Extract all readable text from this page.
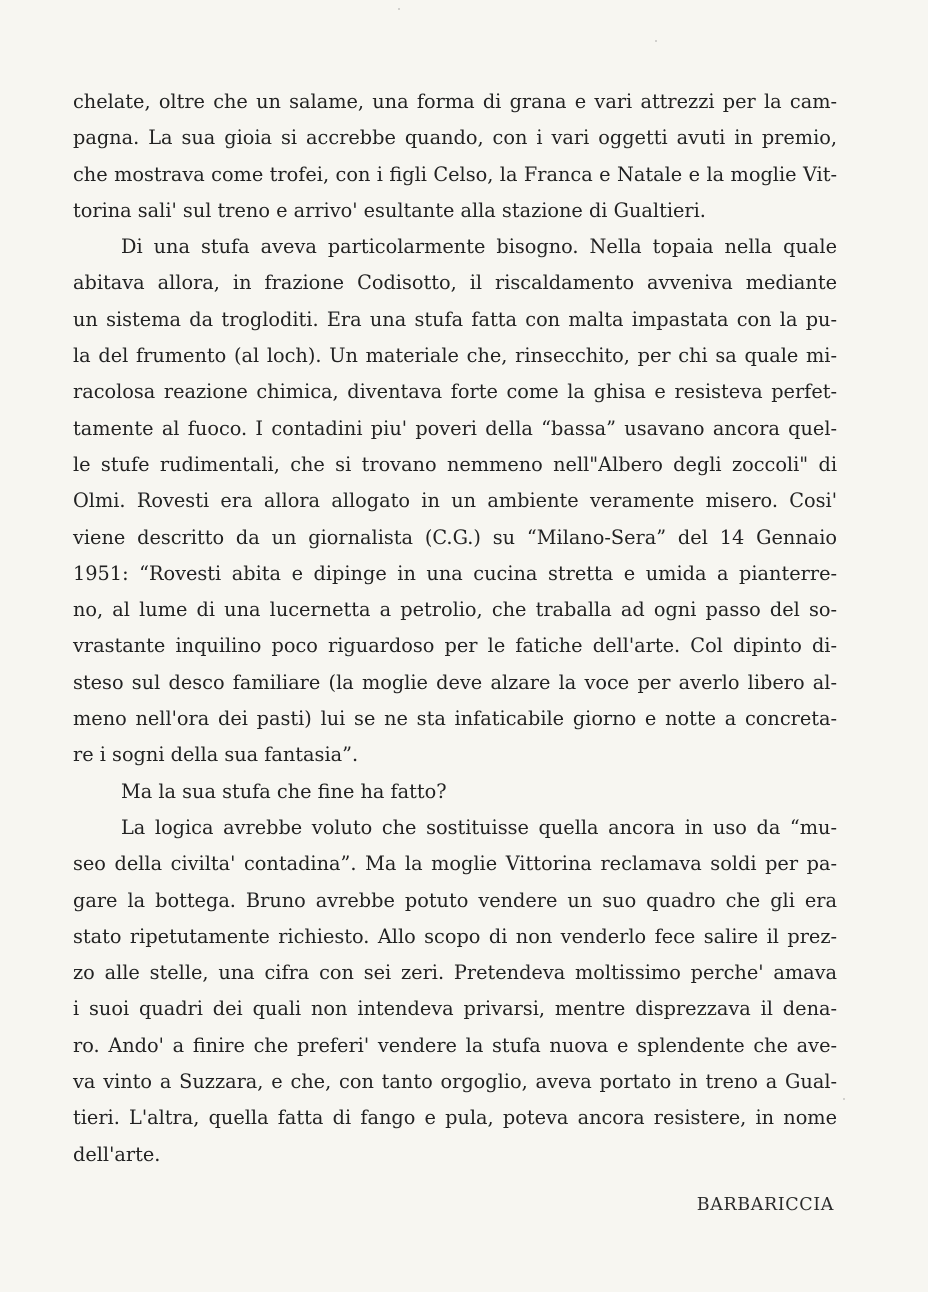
chelate, oltre che un salame, una forma di grana e vari attrezzi per la cam-
pagna. La sua gioia si accrebbe quando, con i vari oggetti avuti in premio,
che mostrava come trofei, con i figli Celso, la Franca e Natale e la moglie Vit-
torina sali' sul treno e arrivo' esultante alla stazione di Gualtieri.
Di una stufa aveva particolarmente bisogno. Nella topaia nella quale
abitava allora, in frazione Codisotto, il riscaldamento avveniva mediante
un sistema da trogloditi. Era una stufa fatta con malta impastata con la pu-
la del frumento (al loch). Un materiale che, rinsecchito, per chi sa quale mi-
racolosa reazione chimica, diventava forte come la ghisa e resisteva perfet-
tamente al fuoco. I contadini piu' poveri della “bassa” usavano ancora quel-
le stufe rudimentali, che si trovano nemmeno nell"Albero degli zoccoli" di
Olmi. Rovesti era allora allogato in un ambiente veramente misero. Cosi'
viene descritto da un giornalista (C.G.) su “Milano-Sera” del 14 Gennaio
1951: “Rovesti abita e dipinge in una cucina stretta e umida a pianterre-
no, al lume di una lucernetta a petrolio, che traballa ad ogni passo del so-
vrastante inquilino poco riguardoso per le fatiche dell'arte. Col dipinto di-
steso sul desco familiare (la moglie deve alzare la voce per averlo libero al-
meno nell'ora dei pasti) lui se ne sta infaticabile giorno e notte a concreta-
re i sogni della sua fantasia”.
Ma la sua stufa che fine ha fatto?
La logica avrebbe voluto che sostituisse quella ancora in uso da “mu-
seo della civilta' contadina”. Ma la moglie Vittorina reclamava soldi per pa-
gare la bottega. Bruno avrebbe potuto vendere un suo quadro che gli era
stato ripetutamente richiesto. Allo scopo di non venderlo fece salire il prez-
zo alle stelle, una cifra con sei zeri. Pretendeva moltissimo perche' amava
i suoi quadri dei quali non intendeva privarsi, mentre disprezzava il dena-
ro. Ando' a finire che preferi' vendere la stufa nuova e splendente che ave-
va vinto a Suzzara, e che, con tanto orgoglio, aveva portato in treno a Gual-
tieri. L'altra, quella fatta di fango e pula, poteva ancora resistere, in nome
dell'arte.
BARBARICCIA
